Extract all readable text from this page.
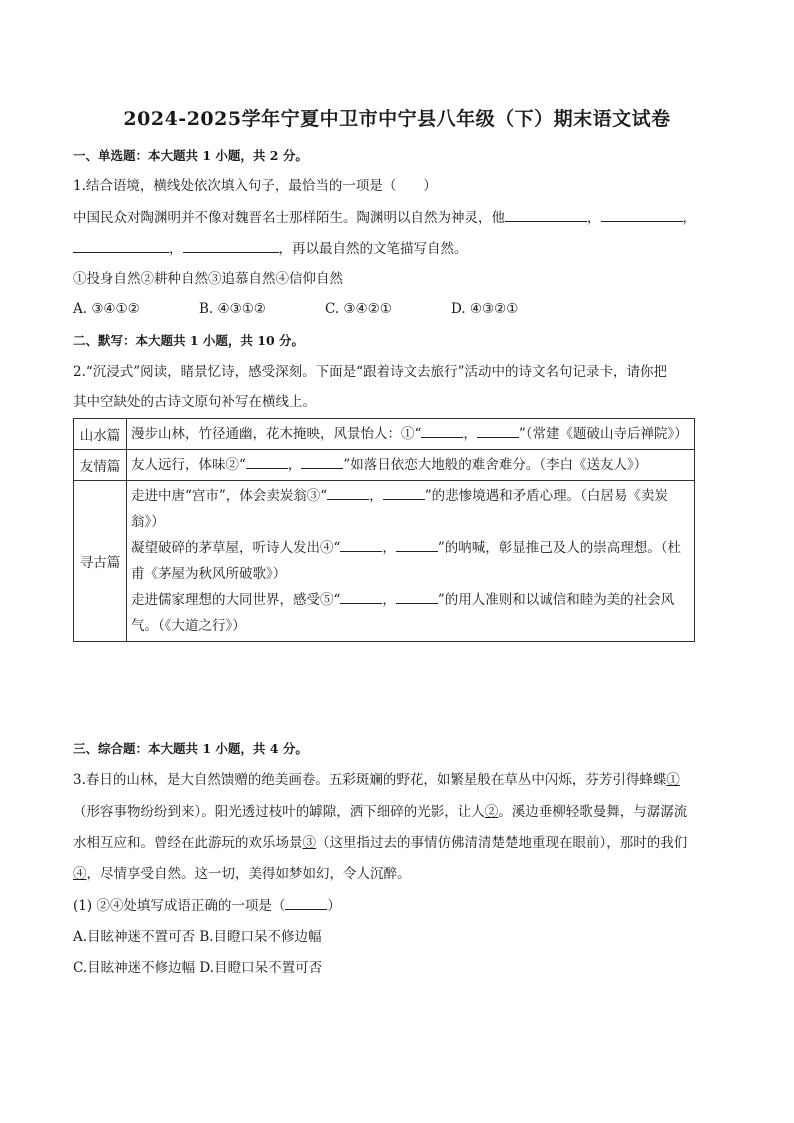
2024-2025学年宁夏中卫市中宁县八年级（下）期末语文试卷
一、单选题：本大题共 1 小题，共 2 分。
1.结合语境，横线处依次填入句子，最恰当的一项是（　　）
中国民众对陶渊明并不像对魏晋名士那样陌生。陶渊明以自然为神灵，他	，	，
，	，再以最自然的文笔描写自然。
①投身自然②耕种自然③追慕自然④信仰自然
A. ③④①②	B. ④③①②	C. ③④②①	D. ④③②①
二、默写：本大题共 1 小题，共 10 分。
2.“沉浸式”阅读，睹景忆诗，感受深刻。下面是“跟着诗文去旅行”活动中的诗文名句记录卡，请你把
其中空缺处的古诗文原句补写在横线上。
山水篇	漫步山林，竹径通幽，花木掩映，风景怡人：①“ ， ”（常建《题破山寺后禅院》）
友情篇	友人远行，体味②“ ， ”如落日依恋大地般的难舍难分。（李白《送友人》）
寻古篇	走进中唐“宫市”，体会卖炭翁③“ ， ”的悲惨境遇和矛盾心理。（白居易《卖炭翁》）
凝望破碎的茅草屋，听诗人发出④“ ， ”的呐喊，彰显推己及人的崇高理想。（杜甫《茅屋为秋风所破歌》）
走进儒家理想的大同世界，感受⑤“ ， ”的用人准则和以诚信和睦为美的社会风气。（《大道之行》）
三、综合题：本大题共 1 小题，共 4 分。
3.春日的山林，是大自然馈赠的绝美画卷。五彩斑斓的野花，如繁星般在草丛中闪烁，芬芳引得蜂蝶①
（形容事物纷纷到来）。阳光透过枝叶的罅隙，洒下细碎的光影，让人②。溪边垂柳轻歌曼舞，与潺潺流
水相互应和。曾经在此游玩的欢乐场景③（这里指过去的事情仿佛清清楚楚地重现在眼前），那时的我们
④，尽情享受自然。这一切，美得如梦如幻，令人沉醉。
(1) ②④处填写成语正确的一项是（	）
A.目眩神迷不置可否 B.目瞪口呆不修边幅
C.目眩神迷不修边幅 D.目瞪口呆不置可否
